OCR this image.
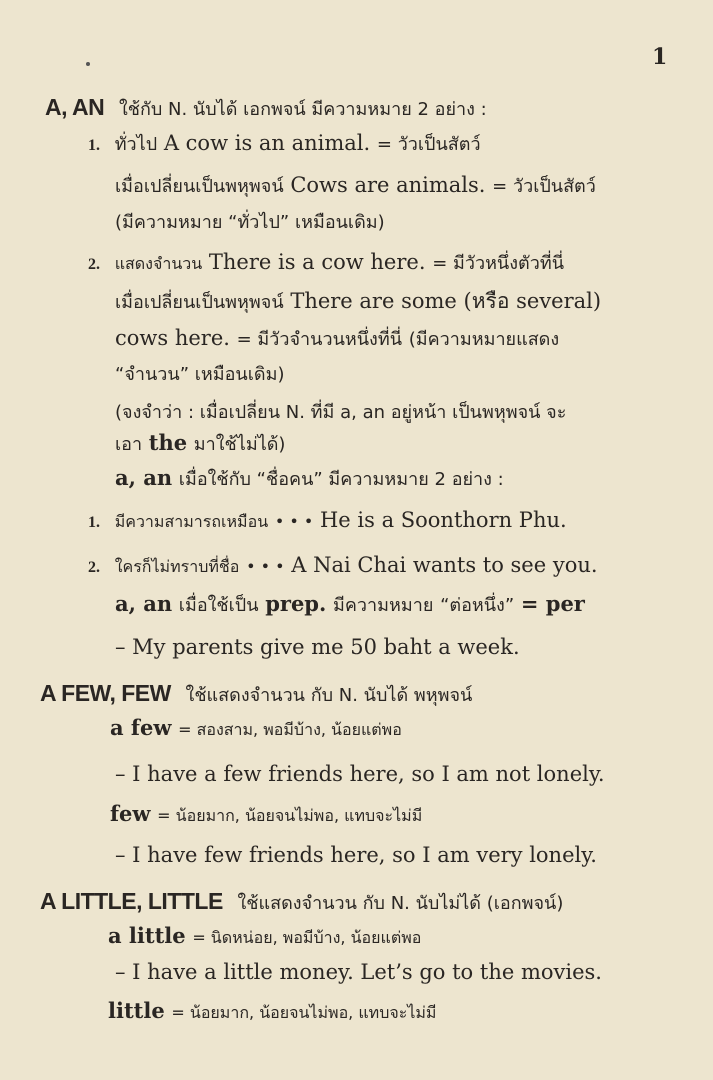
1
A, AN ใช้กับ N. นับได้ เอกพจน์ มีความหมาย 2 อย่าง :
1. ทั่วไป A cow is an animal. = วัวเป็นสัตว์
เมื่อเปลี่ยนเป็นพหุพจน์ Cows are animals. = วัวเป็นสัตว์
(มีความหมาย “ทั่วไป” เหมือนเดิม)
2. แสดงจำนวน There is a cow here. = มีวัวหนึ่งตัวที่นี่
เมื่อเปลี่ยนเป็นพหุพจน์ There are some (หรือ several)
cows here. = มีวัวจำนวนหนึ่งที่นี่ (มีความหมายแสดง
“จำนวน” เหมือนเดิม)
(จงจำว่า : เมื่อเปลี่ยน N. ที่มี a, an อยู่หน้า เป็นพหุพจน์ จะ
เอา the มาใช้ไม่ได้)
a, an เมื่อใช้กับ “ชื่อคน” มีความหมาย 2 อย่าง :
1. มีความสามารถเหมือน • • • He is a Soonthorn Phu.
2. ใครก็ไม่ทราบที่ชื่อ • • • A Nai Chai wants to see you.
a, an เมื่อใช้เป็น prep. มีความหมาย “ต่อหนึ่ง” = per
– My parents give me 50 baht a week.
A FEW, FEW ใช้แสดงจำนวน กับ N. นับได้ พหุพจน์
a few = สองสาม, พอมีบ้าง, น้อยแต่พอ
– I have a few friends here, so I am not lonely.
few = น้อยมาก, น้อยจนไม่พอ, แทบจะไม่มี
– I have few friends here, so I am very lonely.
A LITTLE, LITTLE ใช้แสดงจำนวน กับ N. นับไม่ได้ (เอกพจน์)
a little = นิดหน่อย, พอมีบ้าง, น้อยแต่พอ
– I have a little money. Let’s go to the movies.
little = น้อยมาก, น้อยจนไม่พอ, แทบจะไม่มี
